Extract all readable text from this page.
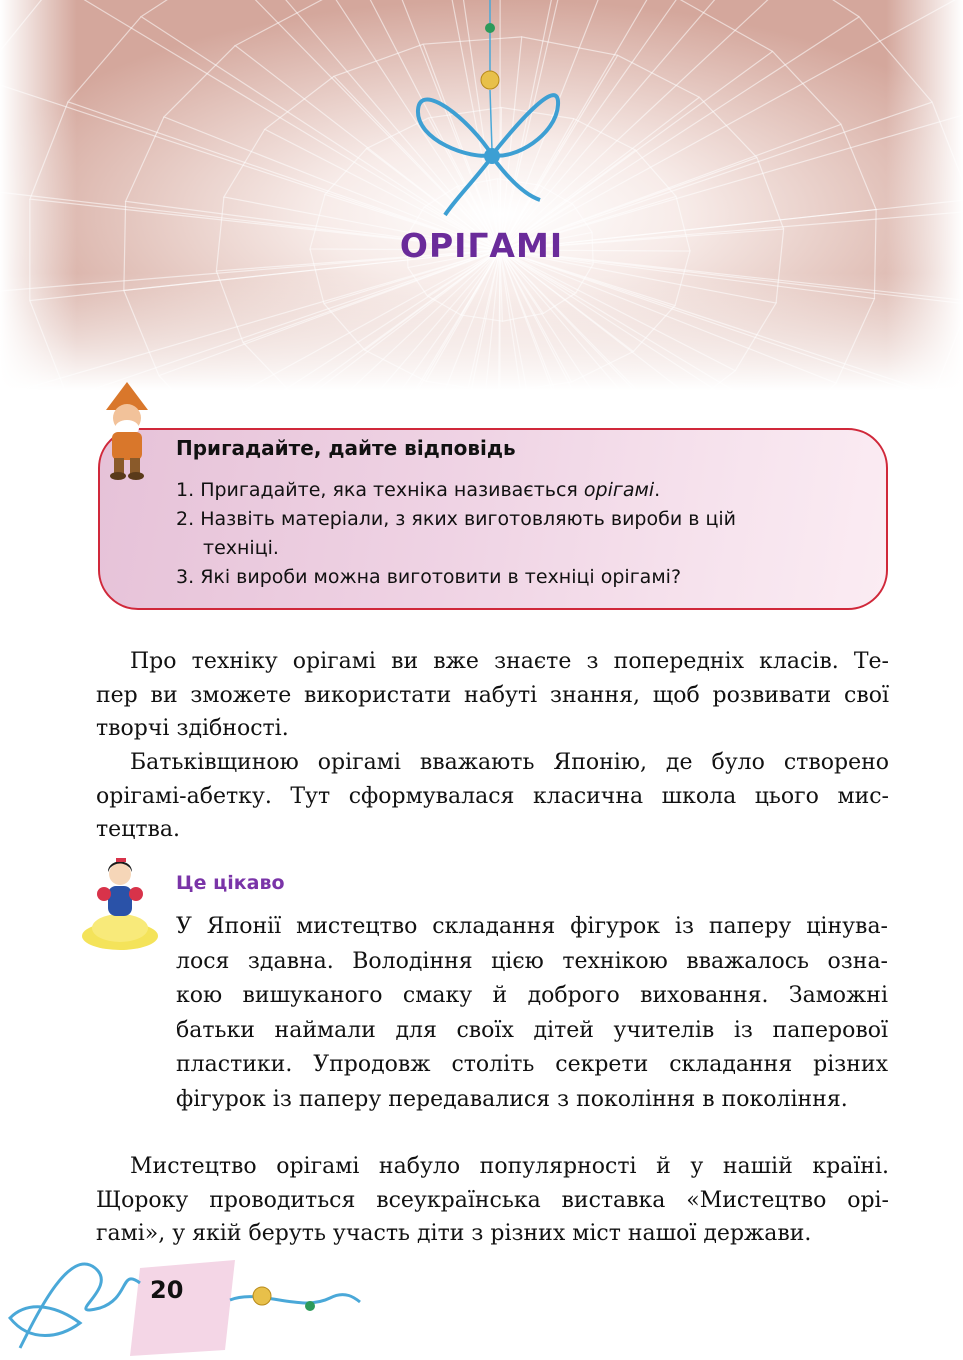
ОРІГАМІ
Пригадайте, дайте відповідь
1. Пригадайте, яка техніка називається орігамі.
2. Назвіть матеріали, з яких виготовляють вироби в цій
техніці.
3. Які вироби можна виготовити в техніці орігамі?

Про техніку орігамі ви вже знаєте з попередніх класів. Те-
пер ви зможете використати набуті знання, щоб розвивати свої
творчі здібності.

Батьківщиною орігамі вважають Японію, де було створено
орігамі-абетку. Тут сформувалася класична школа цього мис-
тецтва.

Це цікаво
У Японії мистецтво складання фігурок із паперу цінува-
лося здавна. Володіння цією технікою вважалось озна-
кою вишуканого смаку й доброго виховання. Заможні
батьки наймали для своїх дітей учителів із паперової
пластики. Упродовж століть секрети складання різних
фігурок із паперу передавалися з покоління в покоління.

Мистецтво орігамі набуло популярності й у нашій країні.
Щороку проводиться всеукраїнська виставка «Мистецтво орі-
гамі», у якій беруть участь діти з різних міст нашої держави.

20
